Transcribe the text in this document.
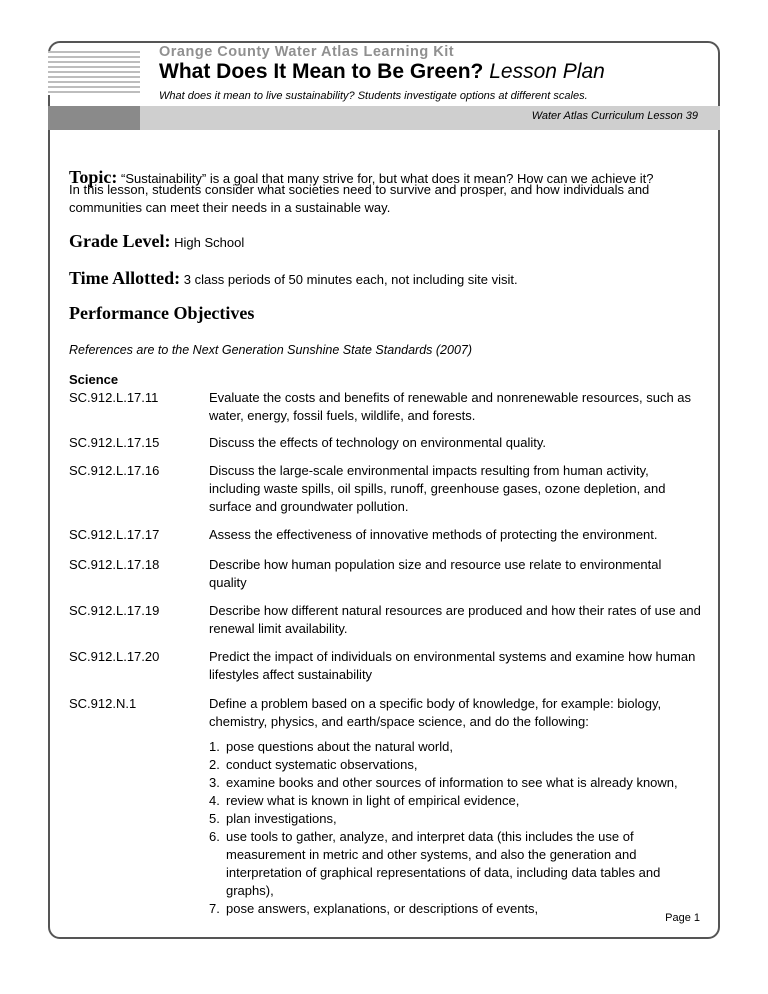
Orange County Water Atlas Learning Kit
What Does It Mean to Be Green? Lesson Plan
What does it mean to live sustainability? Students investigate options at different scales.
Water Atlas Curriculum Lesson 39
Topic: “Sustainability” is a goal that many strive for, but what does it mean? How can we achieve it?
In this lesson, students consider what societies need to survive and prosper, and how individuals and communities can meet their needs in a sustainable way.
Grade Level: High School
Time Allotted: 3 class periods of 50 minutes each, not including site visit.
Performance Objectives
References are to the Next Generation Sunshine State Standards (2007)
Science
SC.912.L.17.11	Evaluate the costs and benefits of renewable and nonrenewable resources, such as water, energy, fossil fuels, wildlife, and forests.
SC.912.L.17.15	Discuss the effects of technology on environmental quality.
SC.912.L.17.16	Discuss the large-scale environmental impacts resulting from human activity, including waste spills, oil spills, runoff, greenhouse gases, ozone depletion, and surface and groundwater pollution.
SC.912.L.17.17	Assess the effectiveness of innovative methods of protecting the environment.
SC.912.L.17.18	Describe how human population size and resource use relate to environmental quality
SC.912.L.17.19	Describe how different natural resources are produced and how their rates of use and renewal limit availability.
SC.912.L.17.20	Predict the impact of individuals on environmental systems and examine how human lifestyles affect sustainability
SC.912.N.1	Define a problem based on a specific body of knowledge, for example: biology, chemistry, physics, and earth/space science, and do the following:
1. pose questions about the natural world,
2. conduct systematic observations,
3. examine books and other sources of information to see what is already known,
4. review what is known in light of empirical evidence,
5. plan investigations,
6. use tools to gather, analyze, and interpret data (this includes the use of measurement in metric and other systems, and also the generation and interpretation of graphical representations of data, including data tables and graphs),
7. pose answers, explanations, or descriptions of events,
Page 1
